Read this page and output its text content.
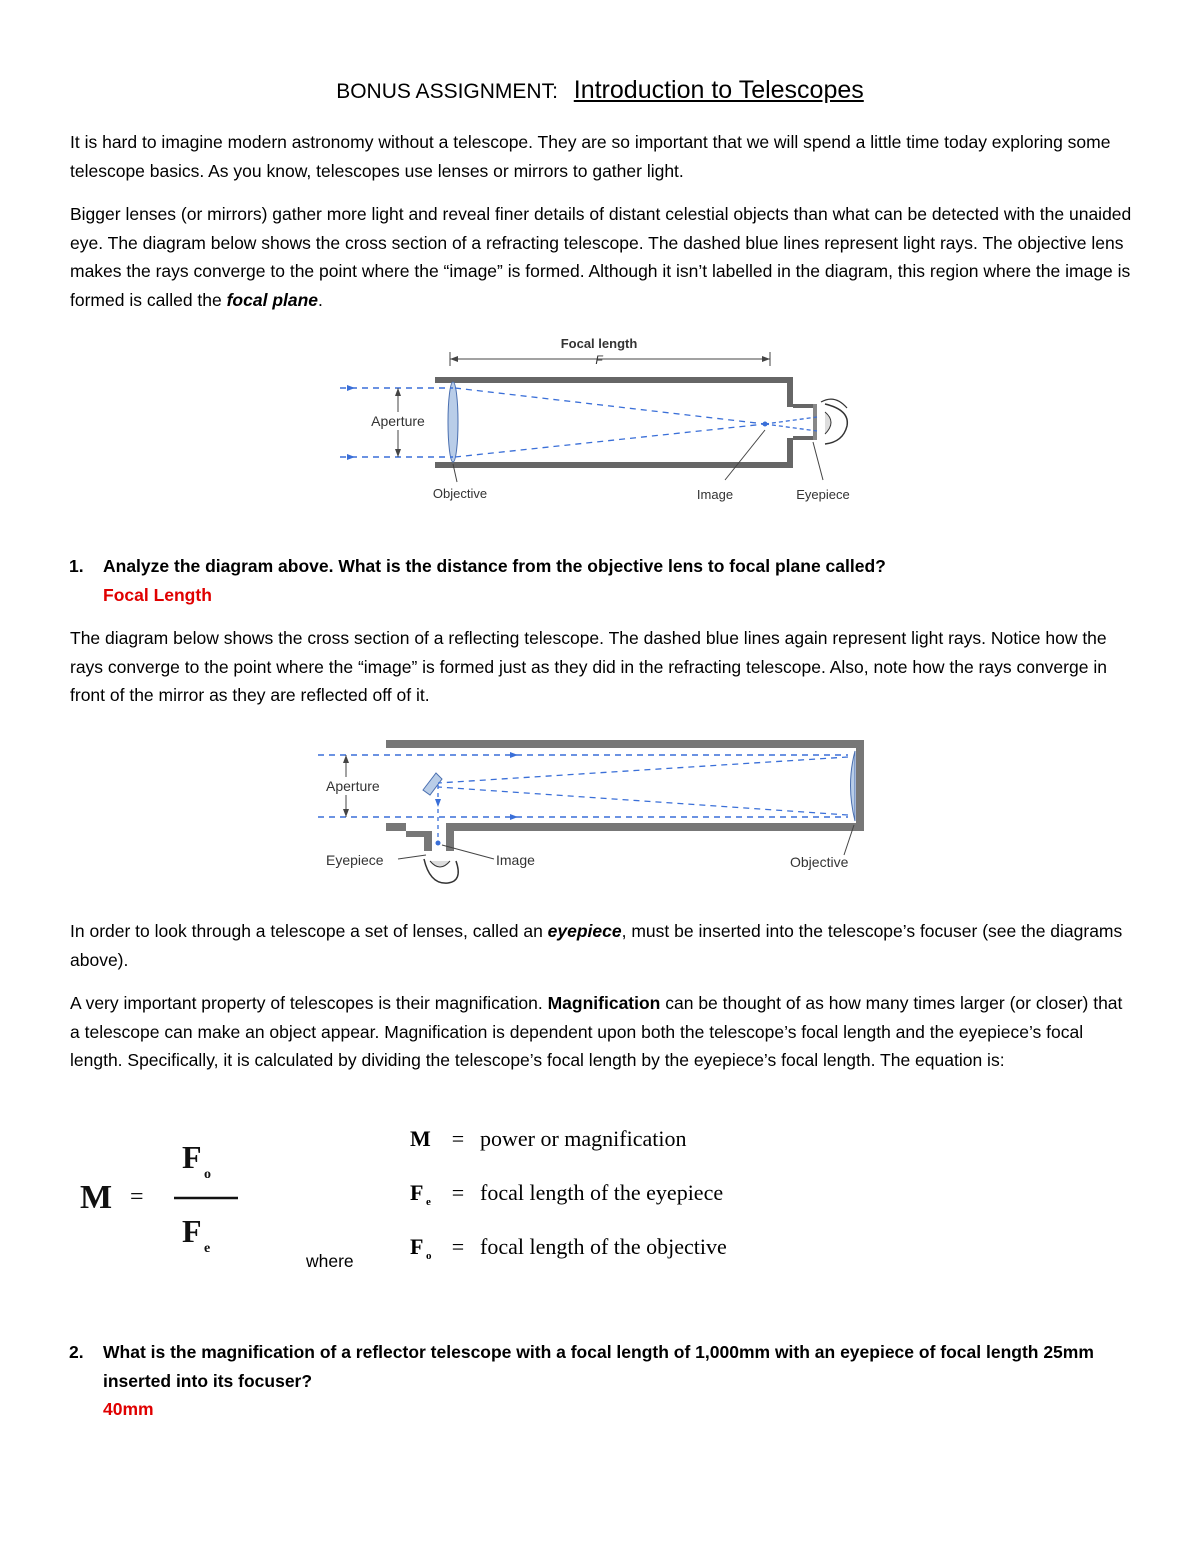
BONUS ASSIGNMENT: Introduction to Telescopes

It is hard to imagine modern astronomy without a telescope. They are so important that we will spend a little time today exploring some telescope basics. As you know, telescopes use lenses or mirrors to gather light.

Bigger lenses (or mirrors) gather more light and reveal finer details of distant celestial objects than what can be detected with the unaided eye. The diagram below shows the cross section of a refracting telescope. The dashed blue lines represent light rays. The objective lens makes the rays converge to the point where the “image” is formed. Although it isn’t labelled in the diagram, this region where the image is formed is called the focal plane.

Focal length
F
Aperture
Objective	Image	Eyepiece
1. Analyze the diagram above. What is the distance from the objective lens to focal plane called?
Focal Length

The diagram below shows the cross section of a reflecting telescope. The dashed blue lines again represent light rays. Notice how the rays converge to the point where the “image” is formed just as they did in the refracting telescope. Also, note how the rays converge in front of the mirror as they are reflected off of it.

Aperture
Eyepiece	Image	Objective

In order to look through a telescope a set of lenses, called an eyepiece, must be inserted into the telescope’s focuser (see the diagrams above).

A very important property of telescopes is their magnification. Magnification can be thought of as how many times larger (or closer) that a telescope can make an object appear. Magnification is dependent upon both the telescope’s focal length and the eyepiece’s focal length. Specifically, it is calculated by dividing the telescope’s focal length by the eyepiece’s focal length. The equation is:

M =
F o
F e
where
M = power or magnification
F $_e$ = focal length of the eyepiece
F $_o$ = focal length of the objective
2. What is the magnification of a reflector telescope with a focal length of 1,000mm with an eyepiece of focal length 25mm inserted into its focuser?
40mm
